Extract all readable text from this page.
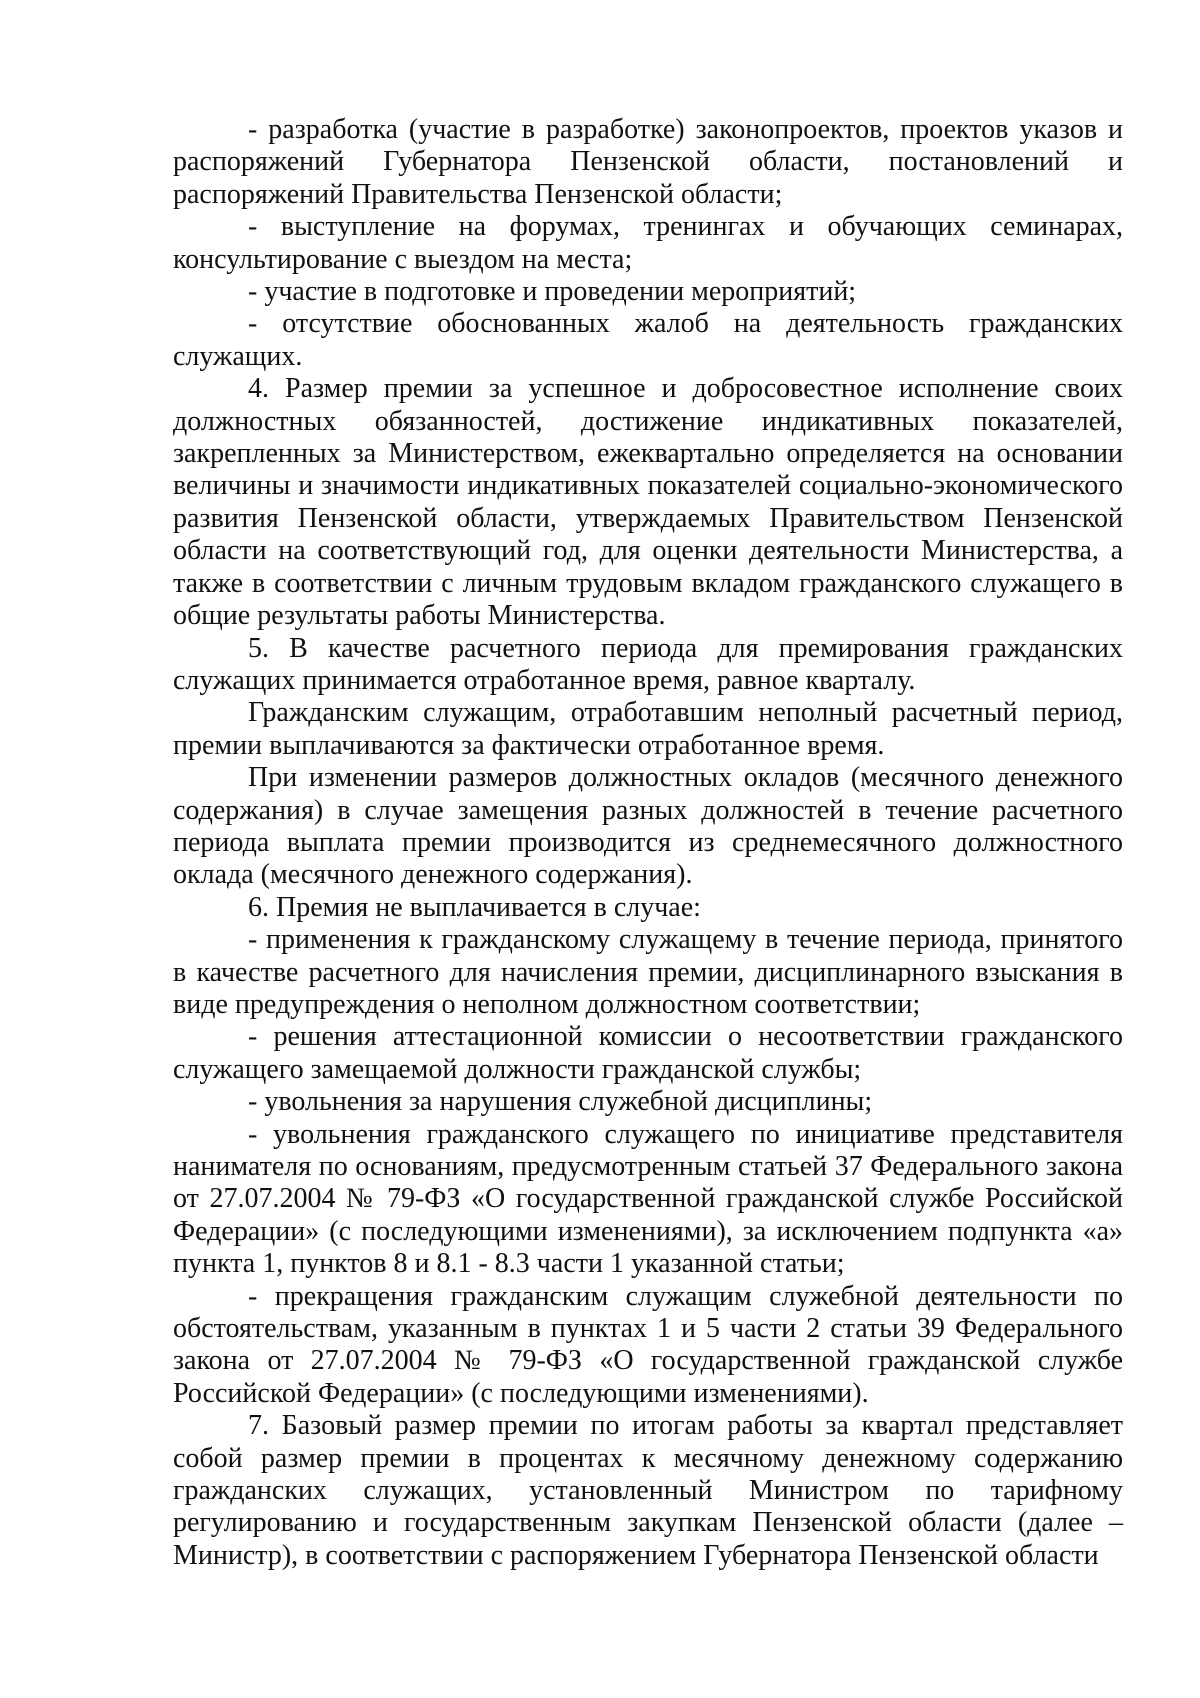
- разработка (участие в разработке) законопроектов, проектов указов и распоряжений Губернатора Пензенской области, постановлений и распоряжений Правительства Пензенской области;

- выступление на форумах, тренингах и обучающих семинарах, консультирование с выездом на места;

- участие в подготовке и проведении мероприятий;

- отсутствие обоснованных жалоб на деятельность гражданских служащих.

4. Размер премии за успешное и добросовестное исполнение своих должностных обязанностей, достижение индикативных показателей, закрепленных за Министерством, ежеквартально определяется на основании величины и значимости индикативных показателей социально-экономического развития Пензенской области, утверждаемых Правительством Пензенской области на соответствующий год, для оценки деятельности Министерства, а также в соответствии с личным трудовым вкладом гражданского служащего в общие результаты работы Министерства.

5. В качестве расчетного периода для премирования гражданских служащих принимается отработанное время, равное кварталу.

Гражданским служащим, отработавшим неполный расчетный период, премии выплачиваются за фактически отработанное время.

При изменении размеров должностных окладов (месячного денежного содержания) в случае замещения разных должностей в течение расчетного периода выплата премии производится из среднемесячного должностного оклада (месячного денежного содержания).

6. Премия не выплачивается в случае:

- применения к гражданскому служащему в течение периода, принятого в качестве расчетного для начисления премии, дисциплинарного взыскания в виде предупреждения о неполном должностном соответствии;

- решения аттестационной комиссии о несоответствии гражданского служащего замещаемой должности гражданской службы;

- увольнения за нарушения служебной дисциплины;

- увольнения гражданского служащего по инициативе представителя нанимателя по основаниям, предусмотренным статьей 37 Федерального закона от 27.07.2004 № 79-ФЗ «О государственной гражданской службе Российской Федерации» (с последующими изменениями), за исключением подпункта «а» пункта 1, пунктов 8 и 8.1 - 8.3 части 1 указанной статьи;

- прекращения гражданским служащим служебной деятельности по обстоятельствам, указанным в пунктах 1 и 5 части 2 статьи 39 Федерального закона от 27.07.2004 № 79-ФЗ «О государственной гражданской службе Российской Федерации» (с последующими изменениями).

7. Базовый размер премии по итогам работы за квартал представляет собой размер премии в процентах к месячному денежному содержанию гражданских служащих, установленный Министром по тарифному регулированию и государственным закупкам Пензенской области (далее – Министр), в соответствии с распоряжением Губернатора Пензенской области
